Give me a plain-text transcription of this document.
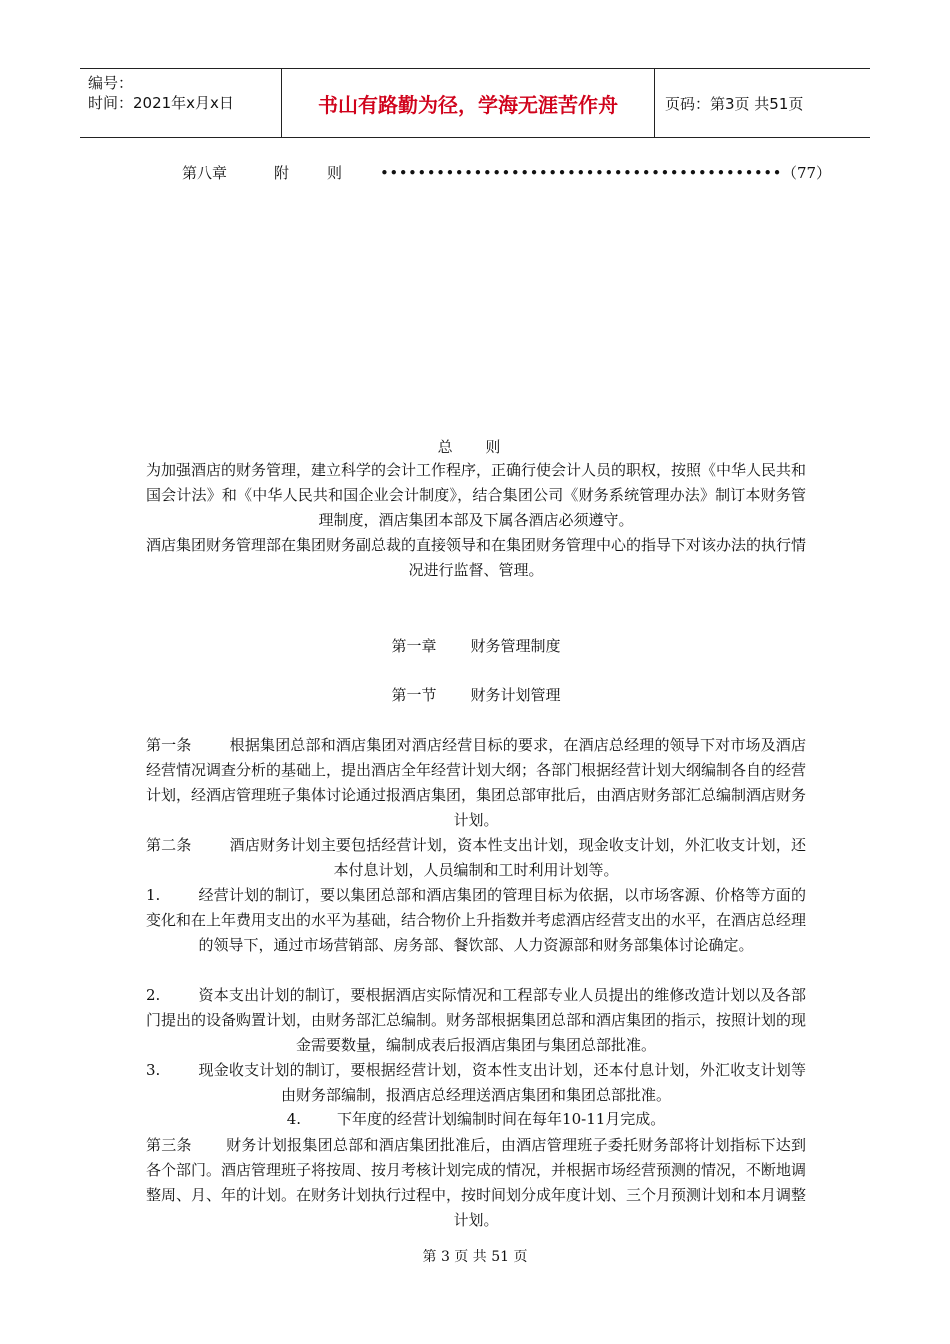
编号：
时间：2021年x月x日	书山有路勤为径，学海无涯苦作舟	页码：第3页 共51页
第八章	附则•••••••••••••••••••••••••••••••••••••••••••（77）
总 则
为加强酒店的财务管理，建立科学的会计工作程序，正确行使会计人员的职权，按照《中华人民共和国会计法》和《中华人民共和国企业会计制度》，结合集团公司《财务系统管理办法》制订本财务管理制度，酒店集团本部及下属各酒店必须遵守。
酒店集团财务管理部在集团财务副总裁的直接领导和在集团财务管理中心的指导下对该办法的执行情况进行监督、管理。
第一章 财务管理制度
第一节 财务计划管理
第一条	根据集团总部和酒店集团对酒店经营目标的要求，在酒店总经理的领导下对市场及酒店经营情况调查分析的基础上，提出酒店全年经营计划大纲；各部门根据经营计划大纲编制各自的经营计划，经酒店管理班子集体讨论通过报酒店集团，集团总部审批后，由酒店财务部汇总编制酒店财务计划。
第二条	酒店财务计划主要包括经营计划，资本性支出计划，现金收支计划，外汇收支计划，还本付息计划，人员编制和工时利用计划等。
1.	经营计划的制订，要以集团总部和酒店集团的管理目标为依据，以市场客源、价格等方面的变化和在上年费用支出的水平为基础，结合物价上升指数并考虑酒店经营支出的水平，在酒店总经理的领导下，通过市场营销部、房务部、餐饮部、人力资源部和财务部集体讨论确定。
2.	资本支出计划的制订，要根据酒店实际情况和工程部专业人员提出的维修改造计划以及各部门提出的设备购置计划，由财务部汇总编制。财务部根据集团总部和酒店集团的指示，按照计划的现金需要数量，编制成表后报酒店集团与集团总部批准。
3.	现金收支计划的制订，要根据经营计划，资本性支出计划，还本付息计划，外汇收支计划等由财务部编制，报酒店总经理送酒店集团和集团总部批准。
4. 下年度的经营计划编制时间在每年10-11月完成。
第三条 财务计划报集团总部和酒店集团批准后，由酒店管理班子委托财务部将计划指标下达到各个部门。酒店管理班子将按周、按月考核计划完成的情况，并根据市场经营预测的情况，不断地调整周、月、年的计划。在财务计划执行过程中，按时间划分成年度计划、三个月预测计划和本月调整计划。
第 3 页 共 51 页
